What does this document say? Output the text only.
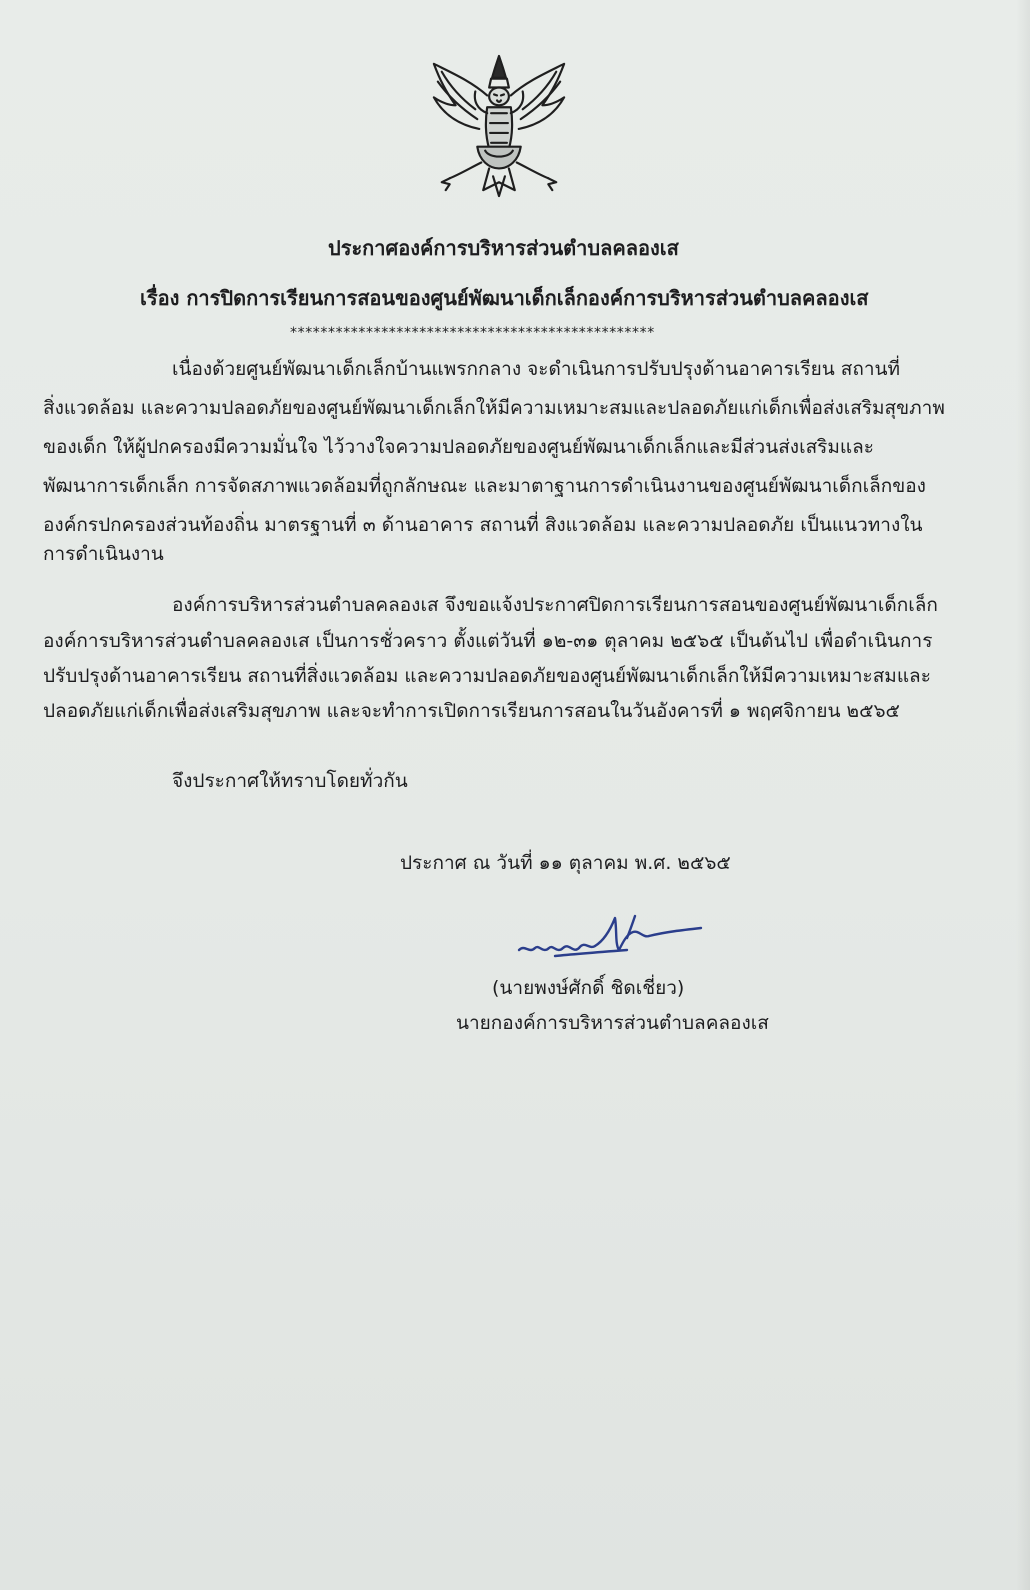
ประกาศองค์การบริหารส่วนตำบลคลองเส
เรื่อง การปิดการเรียนการสอนของศูนย์พัฒนาเด็กเล็กองค์การบริหารส่วนตำบลคลองเส
************************************************
เนื่องด้วยศูนย์พัฒนาเด็กเล็กบ้านแพรกกลาง จะดำเนินการปรับปรุงด้านอาคารเรียน สถานที่
สิ่งแวดล้อม และความปลอดภัยของศูนย์พัฒนาเด็กเล็กให้มีความเหมาะสมและปลอดภัยแก่เด็กเพื่อส่งเสริมสุขภาพ
ของเด็ก ให้ผู้ปกครองมีความมั่นใจ ไว้วางใจความปลอดภัยของศูนย์พัฒนาเด็กเล็กและมีส่วนส่งเสริมและ
พัฒนาการเด็กเล็ก การจัดสภาพแวดล้อมที่ถูกลักษณะ และมาตาฐานการดำเนินงานของศูนย์พัฒนาเด็กเล็กของ
องค์กรปกครองส่วนท้องถิ่น มาตรฐานที่ ๓ ด้านอาคาร สถานที่ สิงแวดล้อม และความปลอดภัย เป็นแนวทางใน
การดำเนินงาน
องค์การบริหารส่วนตำบลคลองเส จึงขอแจ้งประกาศปิดการเรียนการสอนของศูนย์พัฒนาเด็กเล็ก
องค์การบริหารส่วนตำบลคลองเส เป็นการชั่วคราว ตั้งแต่วันที่ ๑๒-๓๑ ตุลาคม ๒๕๖๕ เป็นต้นไป เพื่อดำเนินการ
ปรับปรุงด้านอาคารเรียน สถานที่สิ่งแวดล้อม และความปลอดภัยของศูนย์พัฒนาเด็กเล็กให้มีความเหมาะสมและ
ปลอดภัยแก่เด็กเพื่อส่งเสริมสุขภาพ และจะทำการเปิดการเรียนการสอนในวันอังคารที่ ๑ พฤศจิกายน ๒๕๖๕
จึงประกาศให้ทราบโดยทั่วกัน
ประกาศ ณ วันที่ ๑๑ ตุลาคม พ.ศ. ๒๕๖๕
(นายพงษ์ศักดิ์ ชิดเชี่ยว)
นายกองค์การบริหารส่วนตำบลคลองเส
